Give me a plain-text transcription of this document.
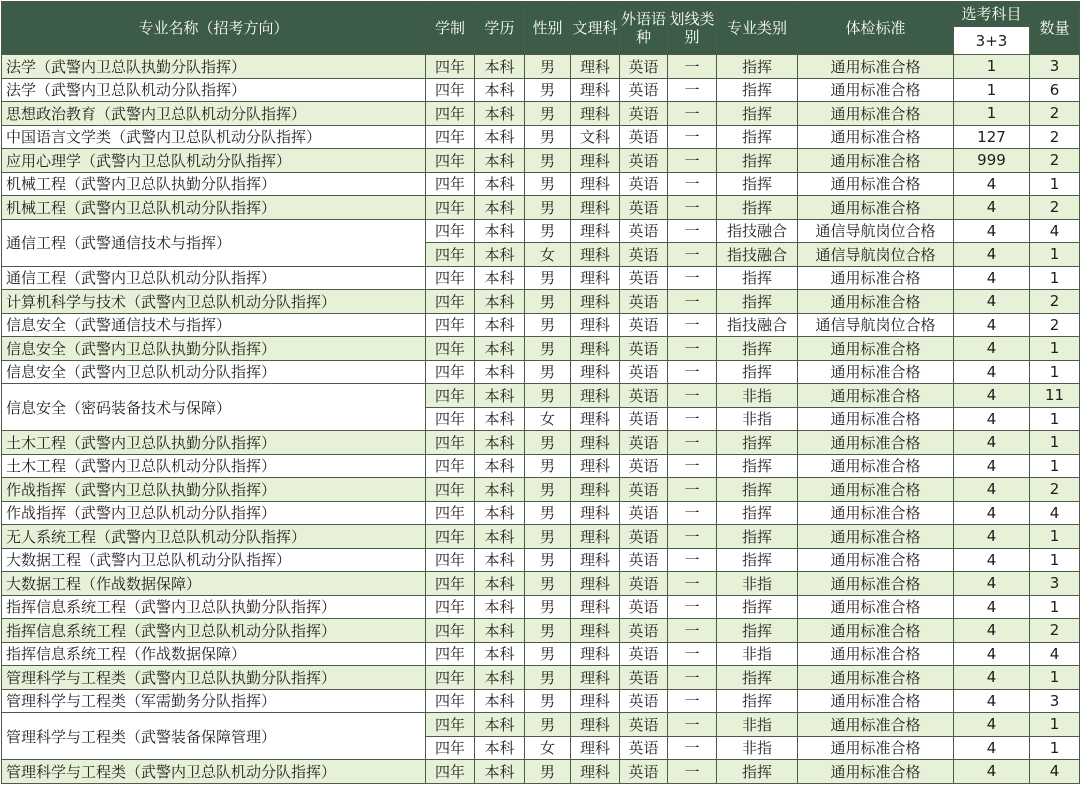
专业名称（招考方向）	学制	学历	性别	文理科	外语语种	划线类别	专业类别	体检标准	选考科目	数量
									3+3	
法学（武警内卫总队执勤分队指挥）	四年	本科	男	理科	英语	一	指挥	通用标准合格	1	3
法学（武警内卫总队机动分队指挥）	四年	本科	男	理科	英语	一	指挥	通用标准合格	1	6
思想政治教育（武警内卫总队机动分队指挥）	四年	本科	男	理科	英语	一	指挥	通用标准合格	1	2
中国语言文学类（武警内卫总队机动分队指挥）	四年	本科	男	文科	英语	一	指挥	通用标准合格	127	2
应用心理学（武警内卫总队机动分队指挥）	四年	本科	男	理科	英语	一	指挥	通用标准合格	999	2
机械工程（武警内卫总队执勤分队指挥）	四年	本科	男	理科	英语	一	指挥	通用标准合格	4	1
机械工程（武警内卫总队机动分队指挥）	四年	本科	男	理科	英语	一	指挥	通用标准合格	4	2
通信工程（武警通信技术与指挥）	四年	本科	男	理科	英语	一	指技融合	通信导航岗位合格	4	4
	四年	本科	女	理科	英语	一	指技融合	通信导航岗位合格	4	1
通信工程（武警内卫总队机动分队指挥）	四年	本科	男	理科	英语	一	指挥	通用标准合格	4	1
计算机科学与技术（武警内卫总队机动分队指挥）	四年	本科	男	理科	英语	一	指挥	通用标准合格	4	2
信息安全（武警通信技术与指挥）	四年	本科	男	理科	英语	一	指技融合	通信导航岗位合格	4	2
信息安全（武警内卫总队执勤分队指挥）	四年	本科	男	理科	英语	一	指挥	通用标准合格	4	1
信息安全（武警内卫总队机动分队指挥）	四年	本科	男	理科	英语	一	指挥	通用标准合格	4	1
信息安全（密码装备技术与保障）	四年	本科	男	理科	英语	一	非指	通用标准合格	4	11
	四年	本科	女	理科	英语	一	非指	通用标准合格	4	1
土木工程（武警内卫总队执勤分队指挥）	四年	本科	男	理科	英语	一	指挥	通用标准合格	4	1
土木工程（武警内卫总队机动分队指挥）	四年	本科	男	理科	英语	一	指挥	通用标准合格	4	1
作战指挥（武警内卫总队执勤分队指挥）	四年	本科	男	理科	英语	一	指挥	通用标准合格	4	2
作战指挥（武警内卫总队机动分队指挥）	四年	本科	男	理科	英语	一	指挥	通用标准合格	4	4
无人系统工程（武警内卫总队机动分队指挥）	四年	本科	男	理科	英语	一	指挥	通用标准合格	4	1
大数据工程（武警内卫总队机动分队指挥）	四年	本科	男	理科	英语	一	指挥	通用标准合格	4	1
大数据工程（作战数据保障）	四年	本科	男	理科	英语	一	非指	通用标准合格	4	3
指挥信息系统工程（武警内卫总队执勤分队指挥）	四年	本科	男	理科	英语	一	指挥	通用标准合格	4	1
指挥信息系统工程（武警内卫总队机动分队指挥）	四年	本科	男	理科	英语	一	指挥	通用标准合格	4	2
指挥信息系统工程（作战数据保障）	四年	本科	男	理科	英语	一	非指	通用标准合格	4	4
管理科学与工程类（武警内卫总队执勤分队指挥）	四年	本科	男	理科	英语	一	指挥	通用标准合格	4	1
管理科学与工程类（军需勤务分队指挥）	四年	本科	男	理科	英语	一	指挥	通用标准合格	4	3
管理科学与工程类（武警装备保障管理）	四年	本科	男	理科	英语	一	非指	通用标准合格	4	1
	四年	本科	女	理科	英语	一	非指	通用标准合格	4	1
管理科学与工程类（武警内卫总队机动分队指挥）	四年	本科	男	理科	英语	一	指挥	通用标准合格	4	4
